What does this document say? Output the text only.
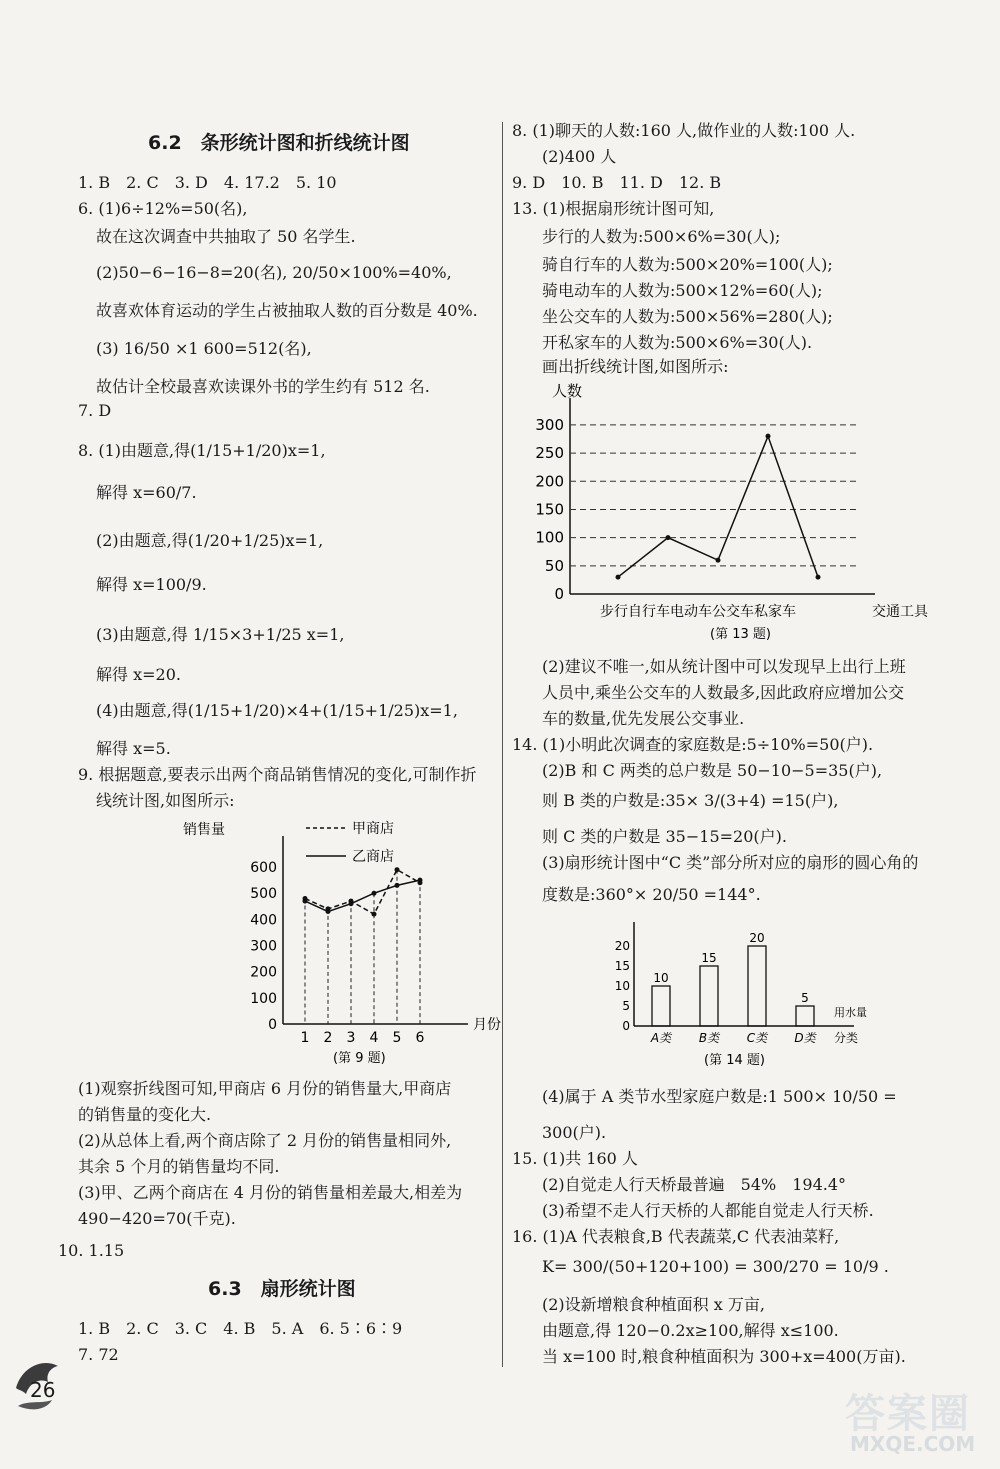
6.2　条形统计图和折线统计图
1. B　2. C　3. D　4. 17.2　5. 10
6. (1)6÷12%=50(名),
故在这次调查中共抽取了 50 名学生.
(2)50−6−16−8=20(名), 20/50×100%=40%,
故喜欢体育运动的学生占被抽取人数的百分数是 40%.
(3) 16/50 ×1 600=512(名),
故估计全校最喜欢读课外书的学生约有 512 名.
7. D
8. (1)由题意,得(1/15+1/20)x=1,
解得 x=60/7.
(2)由题意,得(1/20+1/25)x=1,
解得 x=100/9.
(3)由题意,得 1/15×3+1/25 x=1,
解得 x=20.
(4)由题意,得(1/15+1/20)×4+(1/15+1/25)x=1,
解得 x=5.
9. 根据题意,要表示出两个商品销售情况的变化,可制作折
线统计图,如图所示:
销售量
月份
0
100
200
300
400
500
600
1 2 3 4 5 6
甲商店
乙商店
(第 9 题)
(1)观察折线图可知,甲商店 6 月份的销售量大,甲商店
的销售量的变化大.
(2)从总体上看,两个商店除了 2 月份的销售量相同外,
其余 5 个月的销售量均不同.
(3)甲、乙两个商店在 4 月份的销售量相差最大,相差为
490−420=70(千克).
10. 1.15
6.3　扇形统计图
1. B　2. C　3. C　4. B　5. A　6. 5∶6∶9
7. 72
8. (1)聊天的人数:160 人,做作业的人数:100 人.
(2)400 人
9. D　10. B　11. D　12. B
13. (1)根据扇形统计图可知,
步行的人数为:500×6%=30(人);
骑自行车的人数为:500×20%=100(人);
骑电动车的人数为:500×12%=60(人);
坐公交车的人数为:500×56%=280(人);
开私家车的人数为:500×6%=30(人).
画出折线统计图,如图所示:
人数
0
50
100
150
200
250
300
步行自行车电动车公交车私家车	交通工具
(第 13 题)
(2)建议不唯一,如从统计图中可以发现早上出行上班
人员中,乘坐公交车的人数最多,因此政府应增加公交
车的数量,优先发展公交事业.
14. (1)小明此次调查的家庭数是:5÷10%=50(户).
(2)B 和 C 两类的总户数是 50−10−5=35(户),
则 B 类的户数是:35× 3/(3+4) =15(户),
则 C 类的户数是 35−15=20(户).
(3)扇形统计图中“C 类”部分所对应的扇形的圆心角的
度数是:360°× 20/50 =144°.
0
5
10
15
20
10
A类
15
B类
20
C类
5
D类
用水量
分类
(第 14 题)
(4)属于 A 类节水型家庭户数是:1 500× 10/50 =
300(户).
15. (1)共 160 人
(2)自觉走人行天桥最普遍　54%　194.4°
(3)希望不走人行天桥的人都能自觉走人行天桥.
16. (1)A 代表粮食,B 代表蔬菜,C 代表油菜籽,
K= 300/(50+120+100) = 300/270 = 10/9 .
(2)设新增粮食种植面积 x 万亩,
由题意,得 120−0.2x≥100,解得 x≤100.
当 x=100 时,粮食种植面积为 300+x=400(万亩).
26
答案圈
MXQE.COM
